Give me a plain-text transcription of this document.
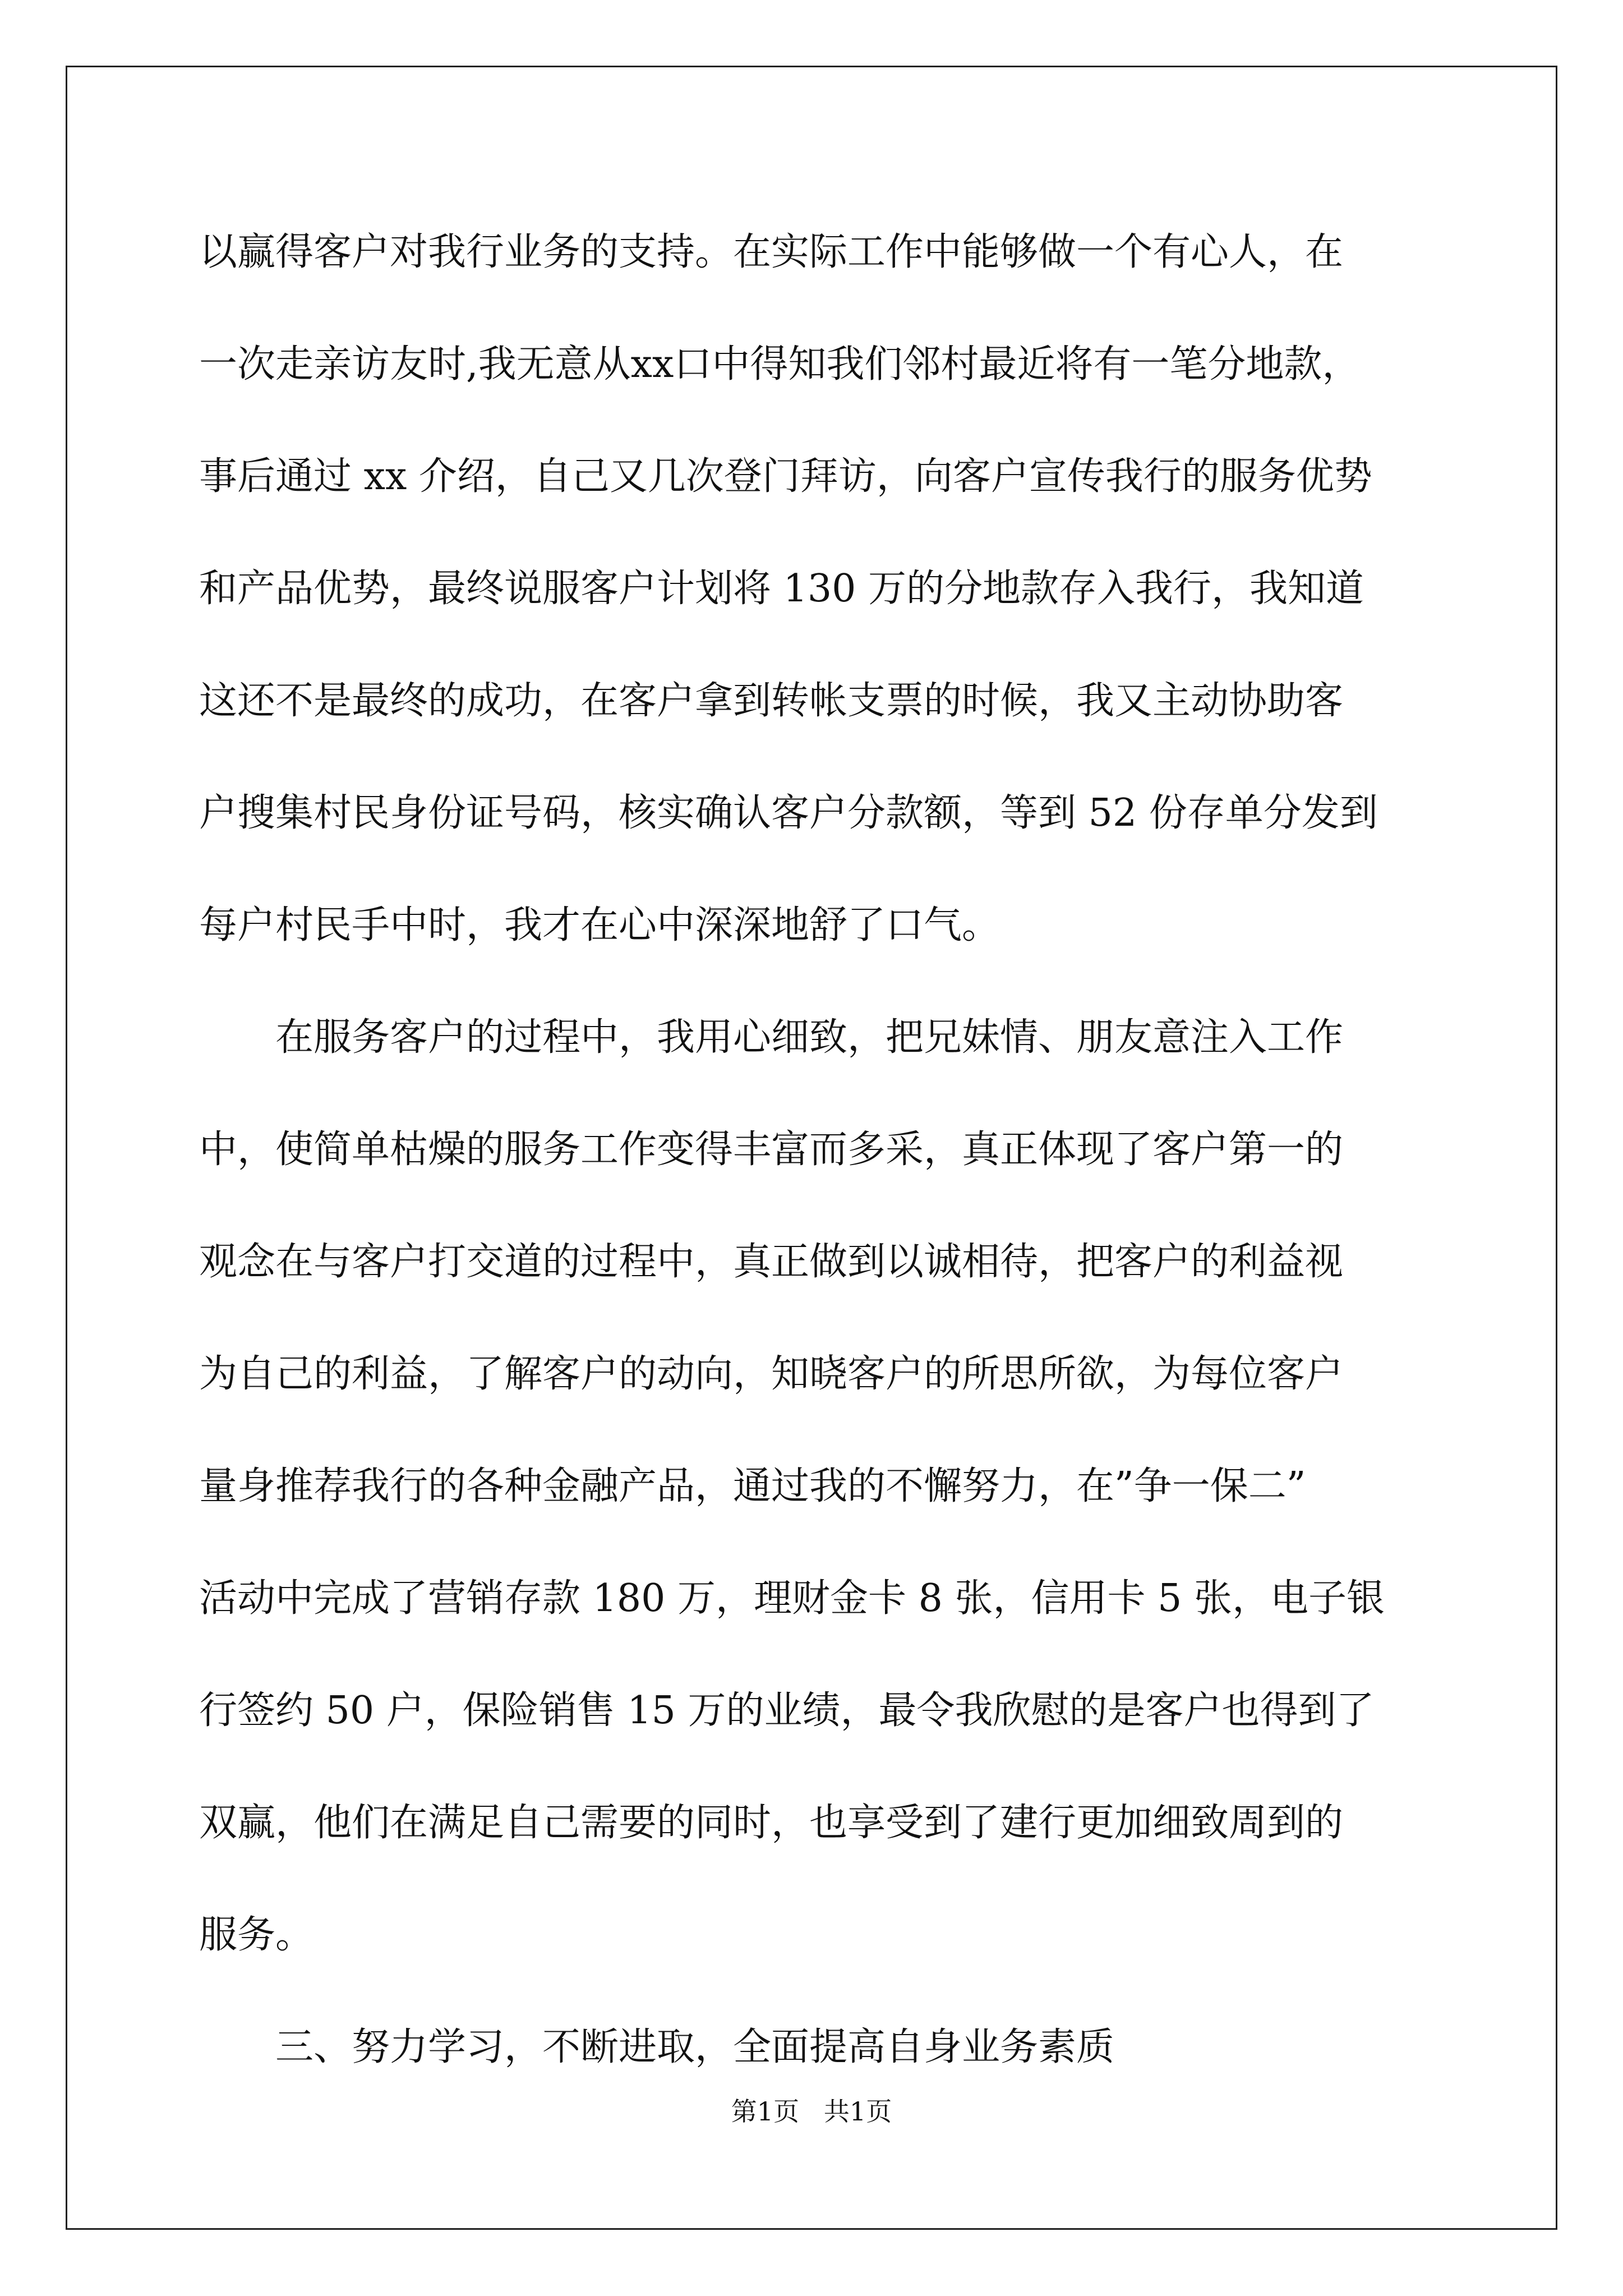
以赢得客户对我行业务的支持。在实际工作中能够做一个有心人，在
一次走亲访友时,我无意从xx口中得知我们邻村最近将有一笔分地款，
事后通过 xx 介绍，自己又几次登门拜访，向客户宣传我行的服务优势
和产品优势，最终说服客户计划将 130 万的分地款存入我行，我知道
这还不是最终的成功，在客户拿到转帐支票的时候，我又主动协助客
户搜集村民身份证号码，核实确认客户分款额，等到 52 份存单分发到
每户村民手中时，我才在心中深深地舒了口气。
在服务客户的过程中，我用心细致，把兄妹情、朋友意注入工作
中，使简单枯燥的服务工作变得丰富而多采，真正体现了客户第一的
观念在与客户打交道的过程中，真正做到以诚相待，把客户的利益视
为自己的利益，了解客户的动向，知晓客户的所思所欲，为每位客户
量身推荐我行的各种金融产品，通过我的不懈努力，在”争一保二”
活动中完成了营销存款 180 万，理财金卡 8 张，信用卡 5 张，电子银
行签约 50 户，保险销售 15 万的业绩，最令我欣慰的是客户也得到了
双赢，他们在满足自己需要的同时，也享受到了建行更加细致周到的
服务。
三、努力学习，不断进取，全面提高自身业务素质
第1页   共1页
